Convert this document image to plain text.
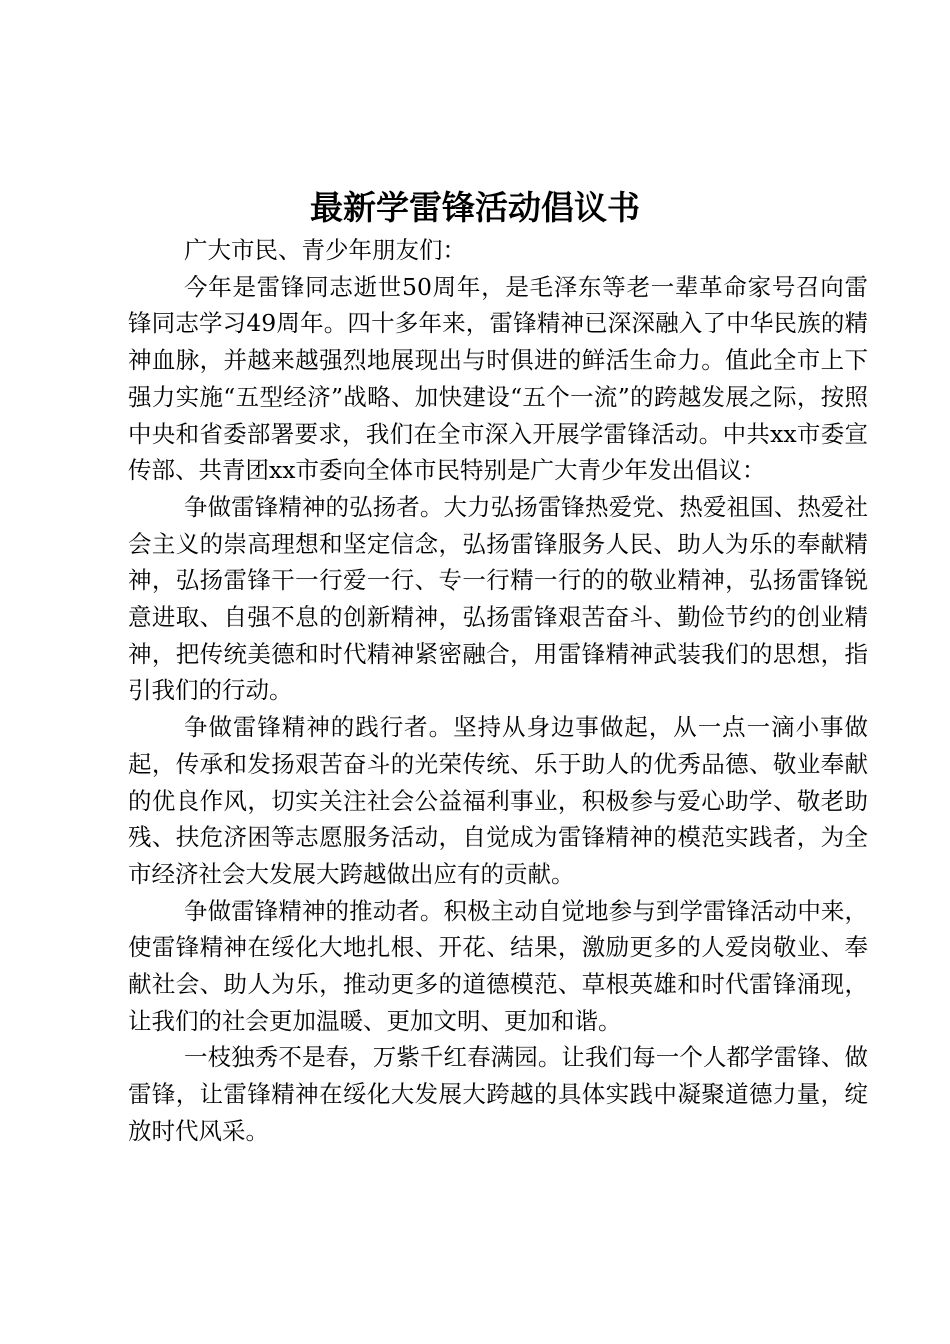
最新学雷锋活动倡议书

广大市民、青少年朋友们：

今年是雷锋同志逝世50周年，是毛泽东等老一辈革命家号召向雷锋同志学习49周年。四十多年来，雷锋精神已深深融入了中华民族的精神血脉，并越来越强烈地展现出与时俱进的鲜活生命力。值此全市上下强力实施“五型经济”战略、加快建设“五个一流”的跨越发展之际，按照中央和省委部署要求，我们在全市深入开展学雷锋活动。中共xx市委宣传部、共青团xx市委向全体市民特别是广大青少年发出倡议：

争做雷锋精神的弘扬者。大力弘扬雷锋热爱党、热爱祖国、热爱社会主义的崇高理想和坚定信念，弘扬雷锋服务人民、助人为乐的奉献精神，弘扬雷锋干一行爱一行、专一行精一行的的敬业精神，弘扬雷锋锐意进取、自强不息的创新精神，弘扬雷锋艰苦奋斗、勤俭节约的创业精神，把传统美德和时代精神紧密融合，用雷锋精神武装我们的思想，指引我们的行动。

争做雷锋精神的践行者。坚持从身边事做起，从一点一滴小事做起，传承和发扬艰苦奋斗的光荣传统、乐于助人的优秀品德、敬业奉献的优良作风，切实关注社会公益福利事业，积极参与爱心助学、敬老助残、扶危济困等志愿服务活动，自觉成为雷锋精神的模范实践者，为全市经济社会大发展大跨越做出应有的贡献。

争做雷锋精神的推动者。积极主动自觉地参与到学雷锋活动中来，使雷锋精神在绥化大地扎根、开花、结果，激励更多的人爱岗敬业、奉献社会、助人为乐，推动更多的道德模范、草根英雄和时代雷锋涌现，让我们的社会更加温暖、更加文明、更加和谐。

一枝独秀不是春，万紫千红春满园。让我们每一个人都学雷锋、做雷锋，让雷锋精神在绥化大发展大跨越的具体实践中凝聚道德力量，绽放时代风采。
